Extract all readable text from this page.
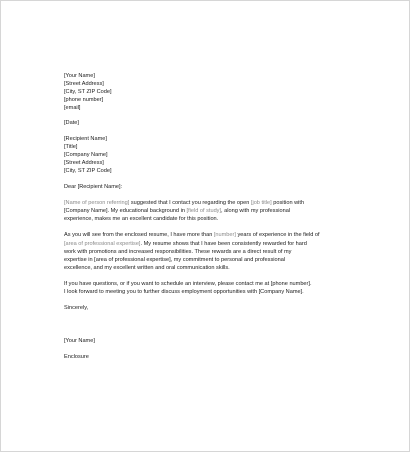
[Your Name]
[Street Address]
[City, ST ZIP Code]
[phone number]
[email]
[Date]
[Recipient Name]
[Title]
[Company Name]
[Street Address]
[City, ST ZIP Code]
Dear [Recipient Name]:
[Name of person referring] suggested that I contact you regarding the open [job title] position with
[Company Name]. My educational background in [field of study], along with my professional
experience, makes me an excellent candidate for this position.
As you will see from the enclosed resume, I have more than [number] years of experience in the field of
[area of professional expertise]. My resume shows that I have been consistently rewarded for hard
work with promotions and increased responsibilities. These rewards are a direct result of my
expertise in [area of professional expertise], my commitment to personal and professional
excellence, and my excellent written and oral communication skills.
If you have questions, or if you want to schedule an interview, please contact me at [phone number].
I look forward to meeting you to further discuss employment opportunities with [Company Name].
Sincerely,
[Your Name]
Enclosure
